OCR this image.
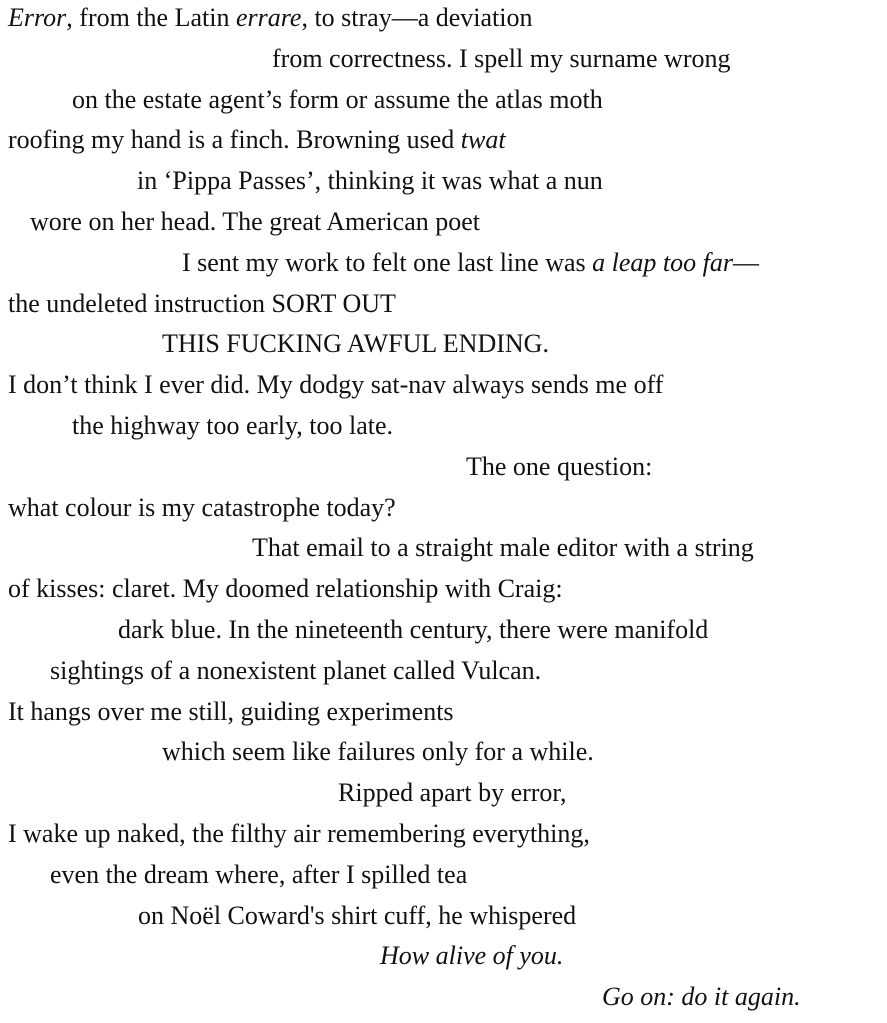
Error, from the Latin errare, to stray—a deviation

from correctness. I spell my surname wrong

on the estate agent’s form or assume the atlas moth

roofing my hand is a finch. Browning used twat

in ‘Pippa Passes’, thinking it was what a nun

wore on her head. The great American poet

I sent my work to felt one last line was a leap too far—

the undeleted instruction SORT OUT

THIS FUCKING AWFUL ENDING.

I don’t think I ever did. My dodgy sat-nav always sends me off

the highway too early, too late.

The one question:

what colour is my catastrophe today?

That email to a straight male editor with a string

of kisses: claret. My doomed relationship with Craig:

dark blue. In the nineteenth century, there were manifold

sightings of a nonexistent planet called Vulcan.

It hangs over me still, guiding experiments

which seem like failures only for a while.

Ripped apart by error,

I wake up naked, the filthy air remembering everything,

even the dream where, after I spilled tea

on Noël Coward's shirt cuff, he whispered

How alive of you.

Go on: do it again.
